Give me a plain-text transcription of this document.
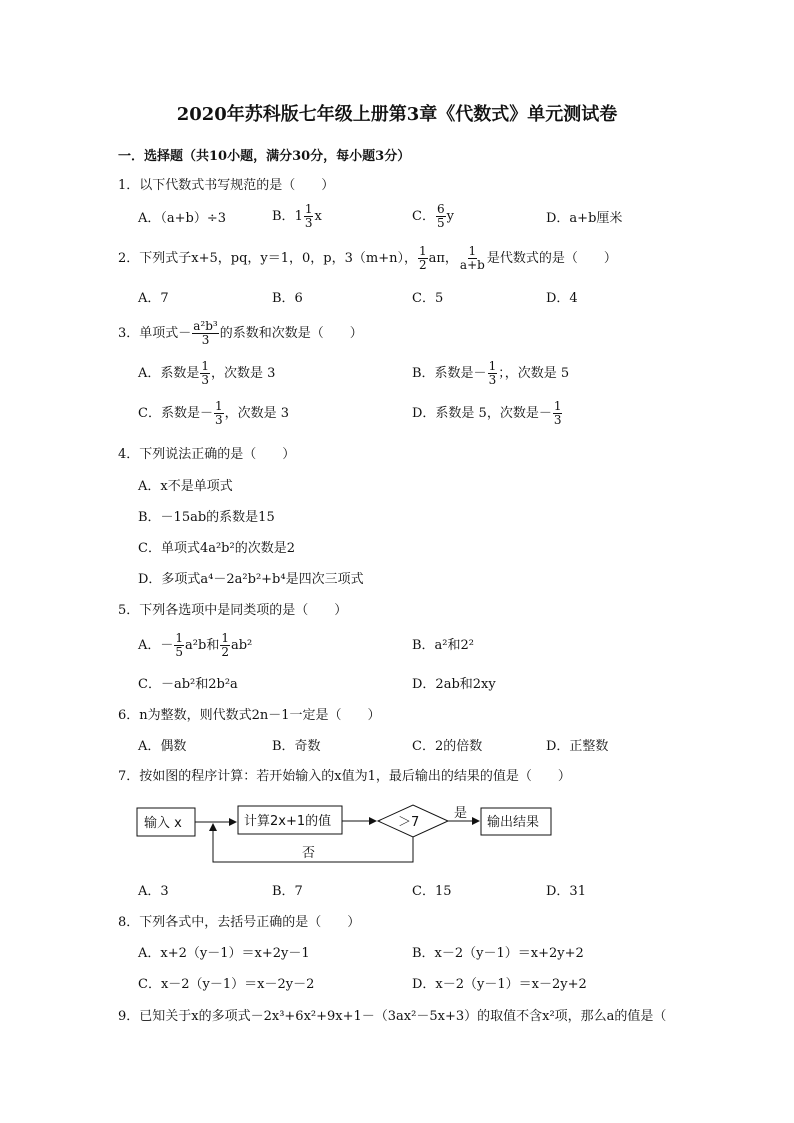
2020年苏科版七年级上册第3章《代数式》单元测试卷
一．选择题（共10小题，满分30分，每小题3分）
1．以下代数式书写规范的是（　　）
A．（a+b）÷3	B．$1 \frac{1}{3}$ x	C． $\frac{6}{5}$ y	D．a+b厘米
2．下列式子x+5，pq，y＝1，0，p，3（m+n）， $\frac{1}{2}$ aπ， $\frac{1}{a+b}$ 是代数式的是（　　）
A．7	B．6	C．5	D．4
3．单项式－ $\frac{\text{a²b³}}{3}$ 的系数和次数是（　　）
A．系数是 $\frac{1}{3}$ ，次数是 3	B．系数是－ $\frac{1}{3}$ ；，次数是 5
C．系数是－ $\frac{1}{3}$ ，次数是 3	D．系数是 5，次数是－ $\frac{1}{3}$
4．下列说法正确的是（　　）
A．x不是单项式
B．－15ab的系数是15
C．单项式4a²b²的次数是2
D．多项式a⁴－2a²b²+b⁴是四次三项式
5．下列各选项中是同类项的是（　　）
A．－ $\frac{1}{5} a^2b$和 $\frac{1}{2} ab^2$	B．a²和2²
C．－ab²和2b²a	D．2ab和2xy
6．n为整数，则代数式2n－1一定是（　　）
A．偶数	B．奇数	C．2的倍数	D．正整数
7．按如图的程序计算：若开始输入的x值为1，最后输出的结果的值是（　　）
输入 x	计算2x+1的值	＞7
是
否
输出结果
A．3	B．7	C．15	D．31
8．下列各式中，去括号正确的是（　　）
A．x+2（y－1）＝x+2y－1	B．x－2（y－1）＝x+2y+2
C．x－2（y－1）＝x－2y－2	D．x－2（y－1）＝x－2y+2
9．已知关于x的多项式－2x³+6x²+9x+1－（3ax²－5x+3）的取值不含x²项，那么a的值是（
